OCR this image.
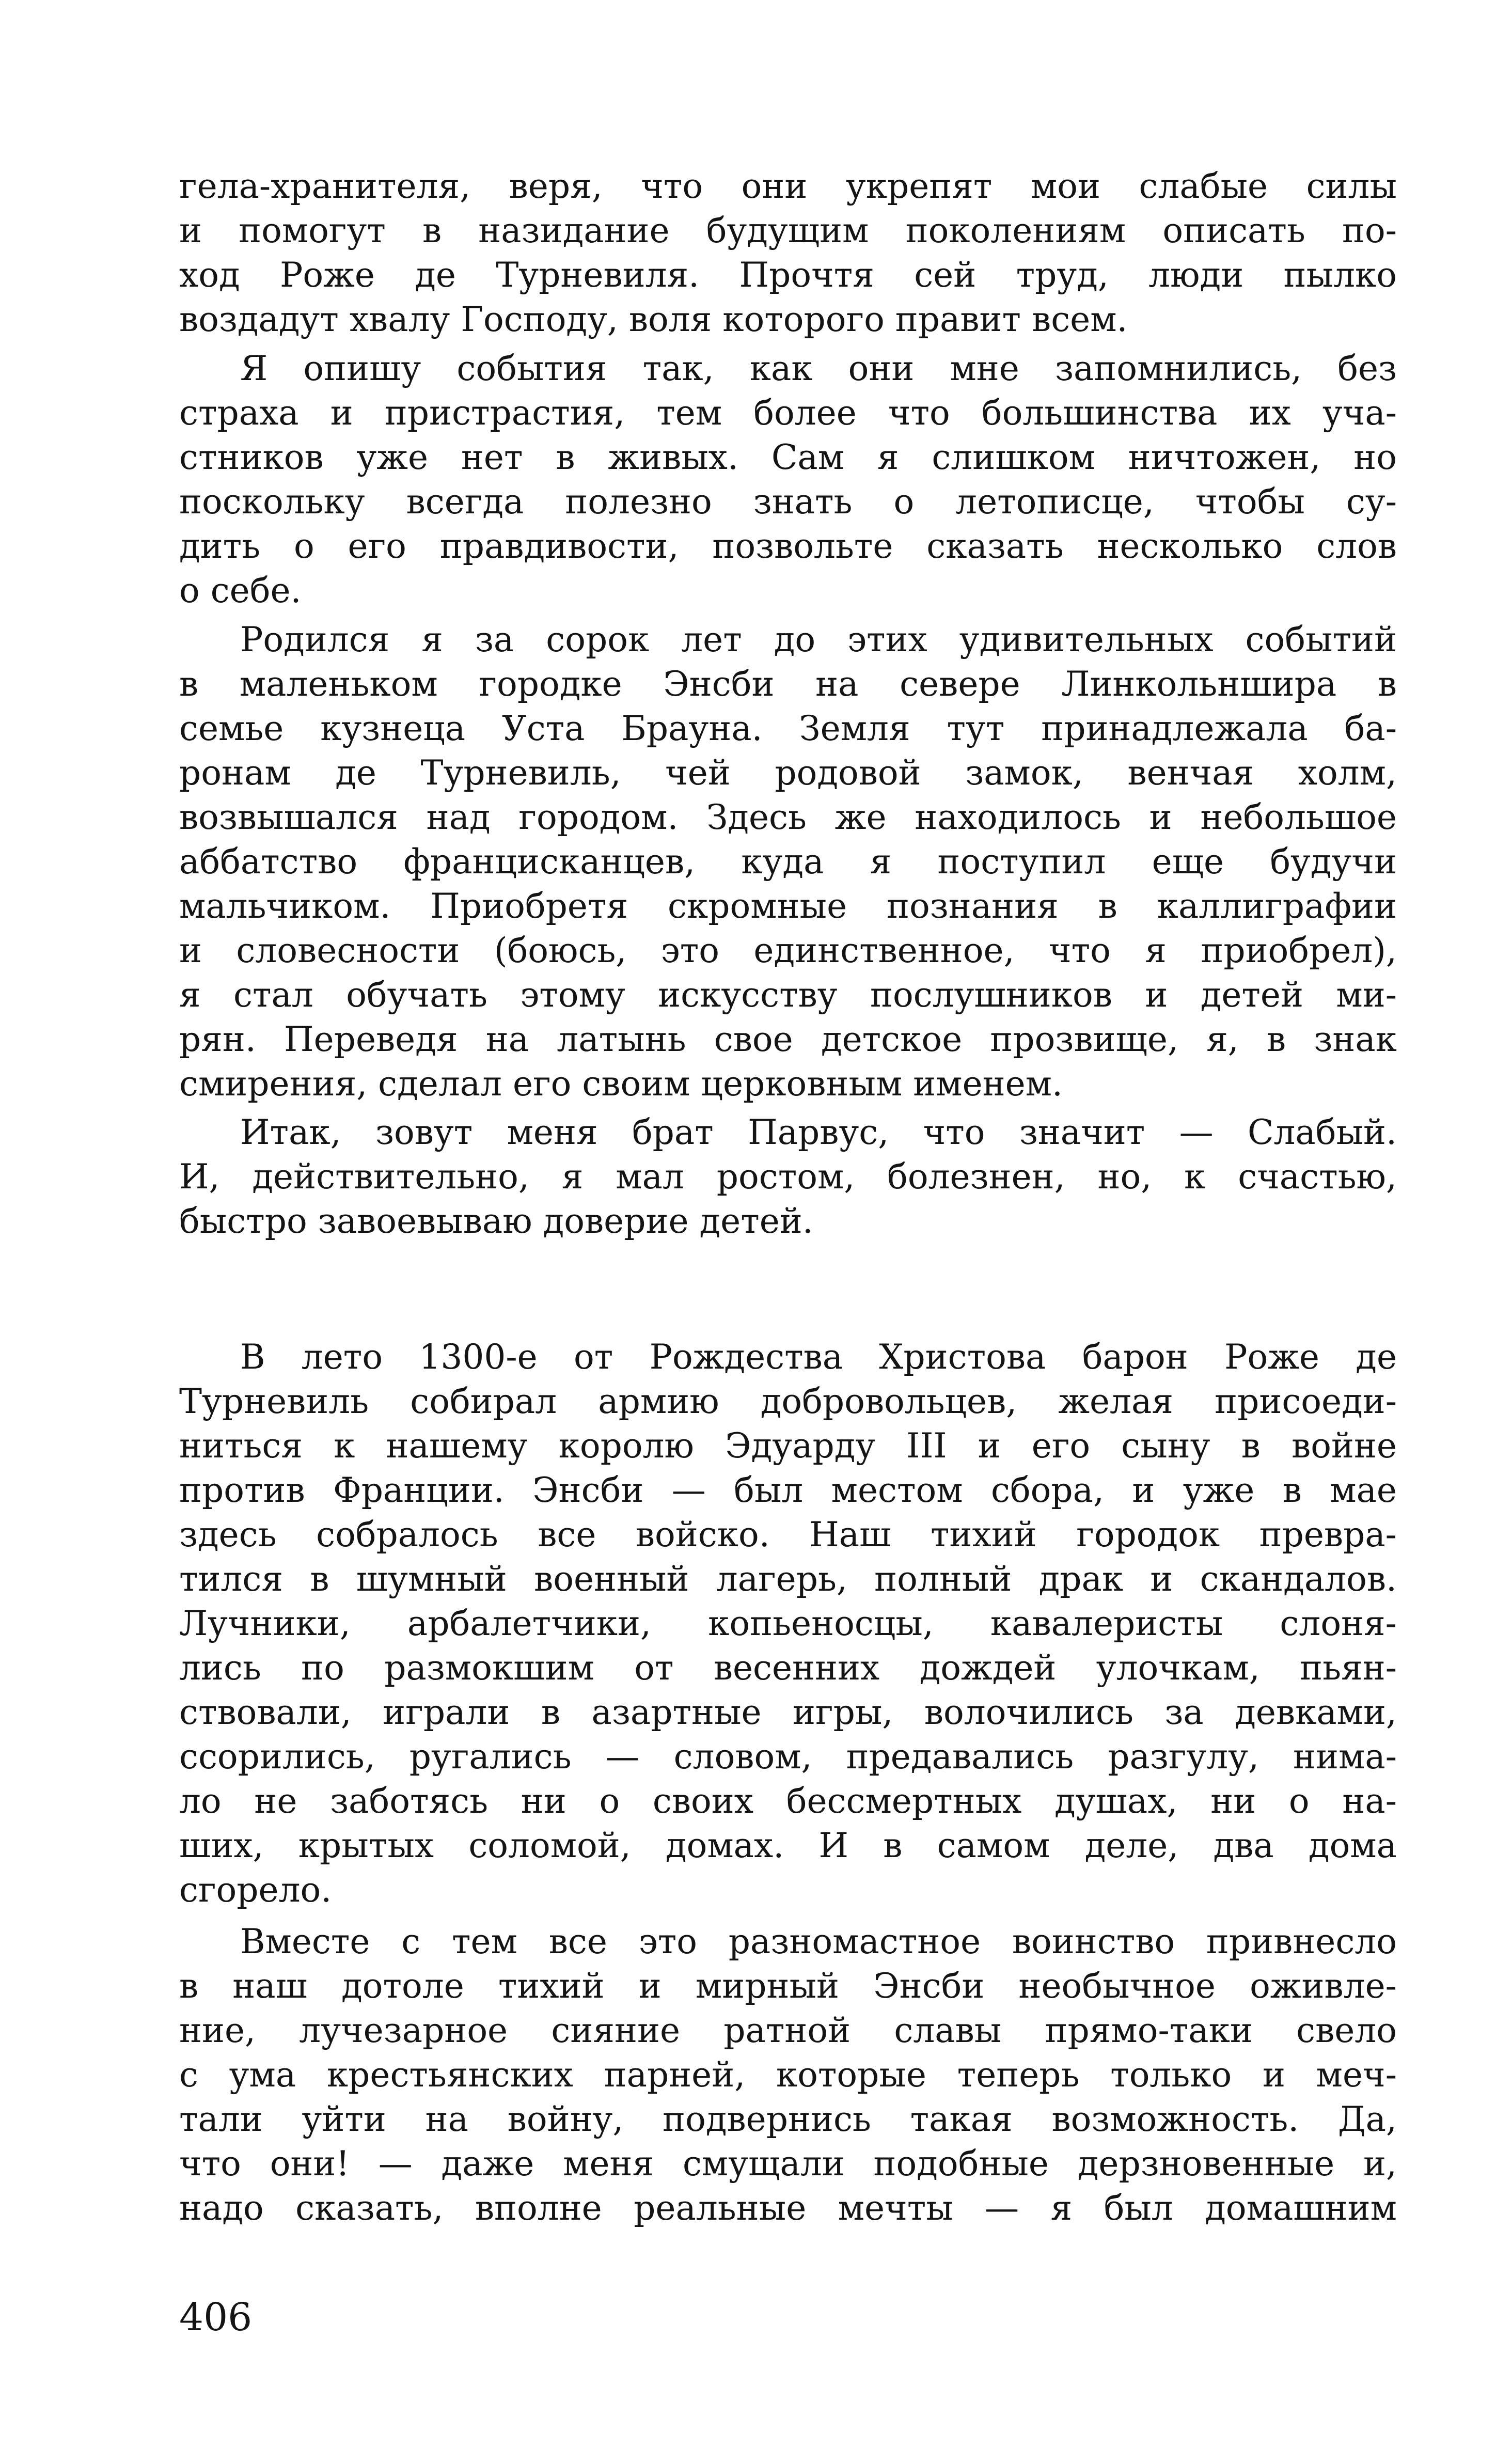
гела-хранителя, веря, что они укрепят мои слабые силы
и помогут в назидание будущим поколениям описать по-
ход Роже де Турневиля. Прочтя сей труд, люди пылко
воздадут хвалу Господу, воля которого правит всем.
Я опишу события так, как они мне запомнились, без
страха и пристрастия, тем более что большинства их уча-
стников уже нет в живых. Сам я слишком ничтожен, но
поскольку всегда полезно знать о летописце, чтобы су-
дить о его правдивости, позвольте сказать несколько слов
о себе.
Родился я за сорок лет до этих удивительных событий
в маленьком городке Энсби на севере Линкольншира в
семье кузнеца Уста Брауна. Земля тут принадлежала ба-
ронам де Турневиль, чей родовой замок, венчая холм,
возвышался над городом. Здесь же находилось и небольшое
аббатство францисканцев, куда я поступил еще будучи
мальчиком. Приобретя скромные познания в каллиграфии
и словесности (боюсь, это единственное, что я приобрел),
я стал обучать этому искусству послушников и детей ми-
рян. Переведя на латынь свое детское прозвище, я, в знак
смирения, сделал его своим церковным именем.
Итак, зовут меня брат Парвус, что значит — Слабый.
И, действительно, я мал ростом, болезнен, но, к счастью,
быстро завоевываю доверие детей.
В лето 1300-е от Рождества Христова барон Роже де
Турневиль собирал армию добровольцев, желая присоеди-
ниться к нашему королю Эдуарду III и его сыну в войне
против Франции. Энсби — был местом сбора, и уже в мае
здесь собралось все войско. Наш тихий городок превра-
тился в шумный военный лагерь, полный драк и скандалов.
Лучники, арбалетчики, копьеносцы, кавалеристы слоня-
лись по размокшим от весенних дождей улочкам, пьян-
ствовали, играли в азартные игры, волочились за девками,
ссорились, ругались — словом, предавались разгулу, нимa-
ло не заботясь ни о своих бессмертных душах, ни о на-
ших, крытых соломой, домах. И в самом деле, два дома
сгорело.
Вместе с тем все это разномастное воинство привнесло
в наш дотоле тихий и мирный Энсби необычное оживле-
ние, лучезарное сияние ратной славы прямо-таки свело
с ума крестьянских парней, которые теперь только и меч-
тали уйти на войну, подвернись такая возможность. Да,
что они! — даже меня смущали подобные дерзновенные и,
надо сказать, вполне реальные мечты — я был домашним
406
